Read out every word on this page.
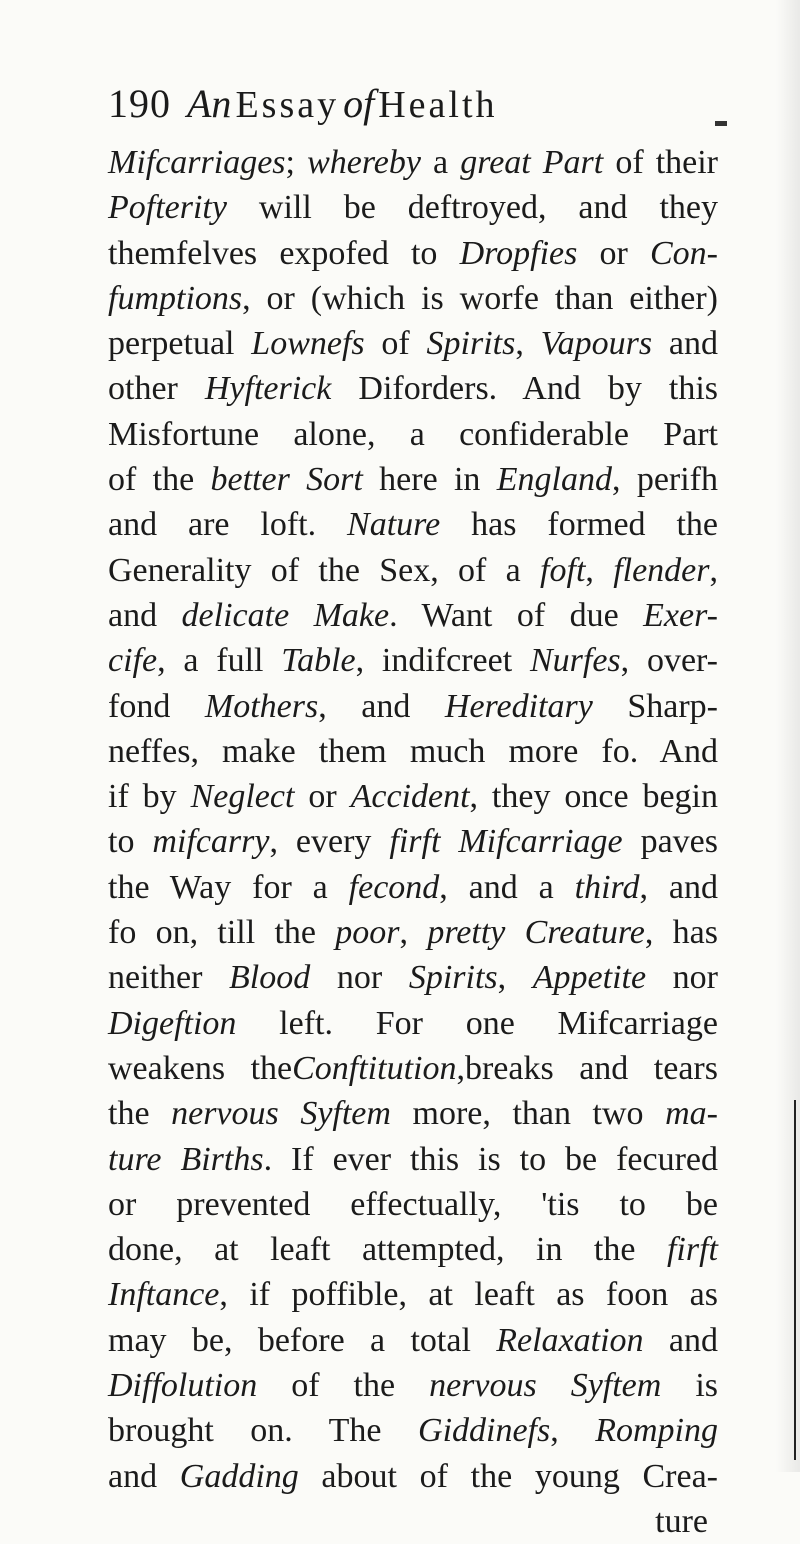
190 An Essay of Health
Mifcarriages; whereby a great Part of their
Pofterity will be deftroyed, and they
themfelves expofed to Dropfies or Con-
fumptions, or (which is worfe than either)
perpetual Lownefs of Spirits, Vapours and
other Hyfterick Diforders. And by this
Misfortune alone, a confiderable Part
of the better Sort here in England, perifh
and are loft. Nature has formed the
Generality of the Sex, of a foft, flender,
and delicate Make. Want of due Exer-
cife, a full Table, indifcreet Nurfes, over-
fond Mothers, and Hereditary Sharp-
neffes, make them much more fo. And
if by Neglect or Accident, they once begin
to mifcarry, every firft Mifcarriage paves
the Way for a fecond, and a third, and
fo on, till the poor, pretty Creature, has
neither Blood nor Spirits, Appetite nor
Digeftion left. For one Mifcarriage
weakens theConftitution,breaks and tears
the nervous Syftem more, than two ma-
ture Births. If ever this is to be fecured
or prevented effectually, 'tis to be
done, at leaft attempted, in the firft
Inftance, if poffible, at leaft as foon as
may be, before a total Relaxation and
Diffolution of the nervous Syftem is
brought on. The Giddinefs, Romping
and Gadding about of the young Crea-
ture
